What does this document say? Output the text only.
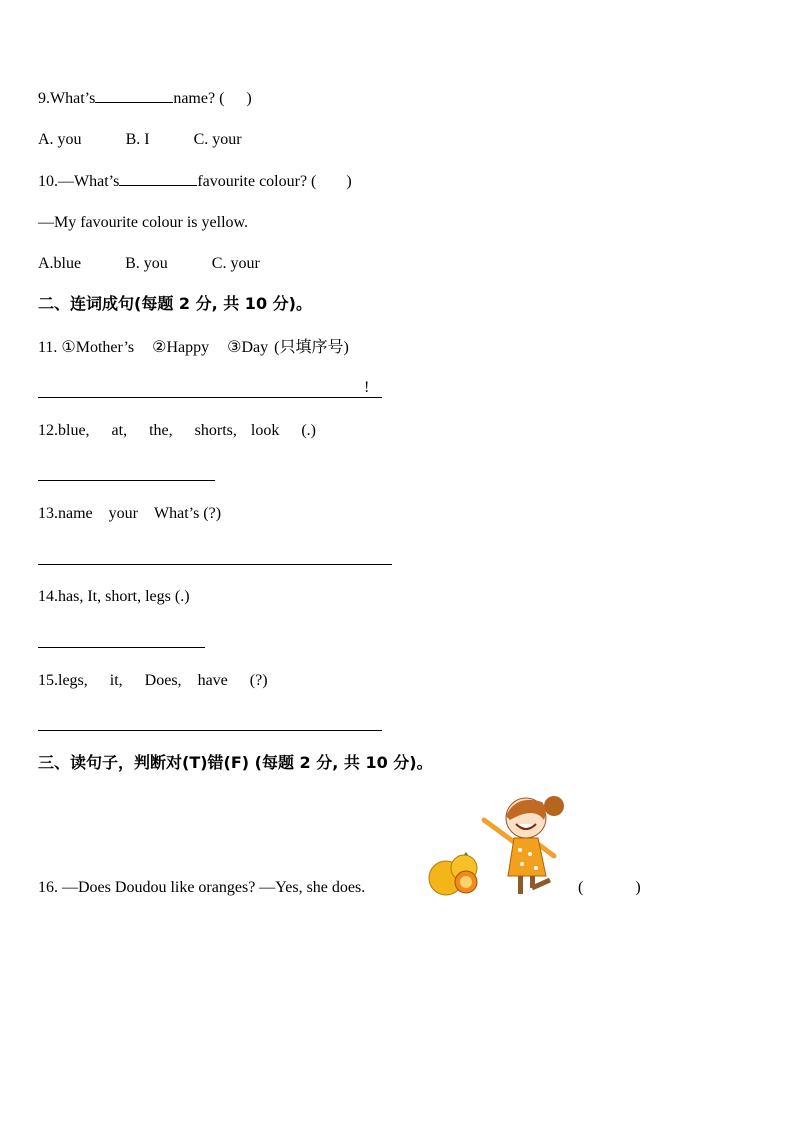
9.What’s	name? ( )
A. you	B. I	C. your
10.—What’s	favourite colour? ( )
—My favourite colour is yellow.
A.blue	B. you	C. your
二、连词成句(每题 2 分, 共 10 分)。
11. ①Mother’s ②Happy ③Day (只填序号)
!
12.blue, at, the, shorts, look (.)
13.name your What’s (?)
14.has, It, short, legs (.)
15.legs, it, Does, have (?)
三、读句子，判断对(T)错(F) (每题 2 分, 共 10 分)。
16. —Does Doudou like oranges? —Yes, she does.	(	)
